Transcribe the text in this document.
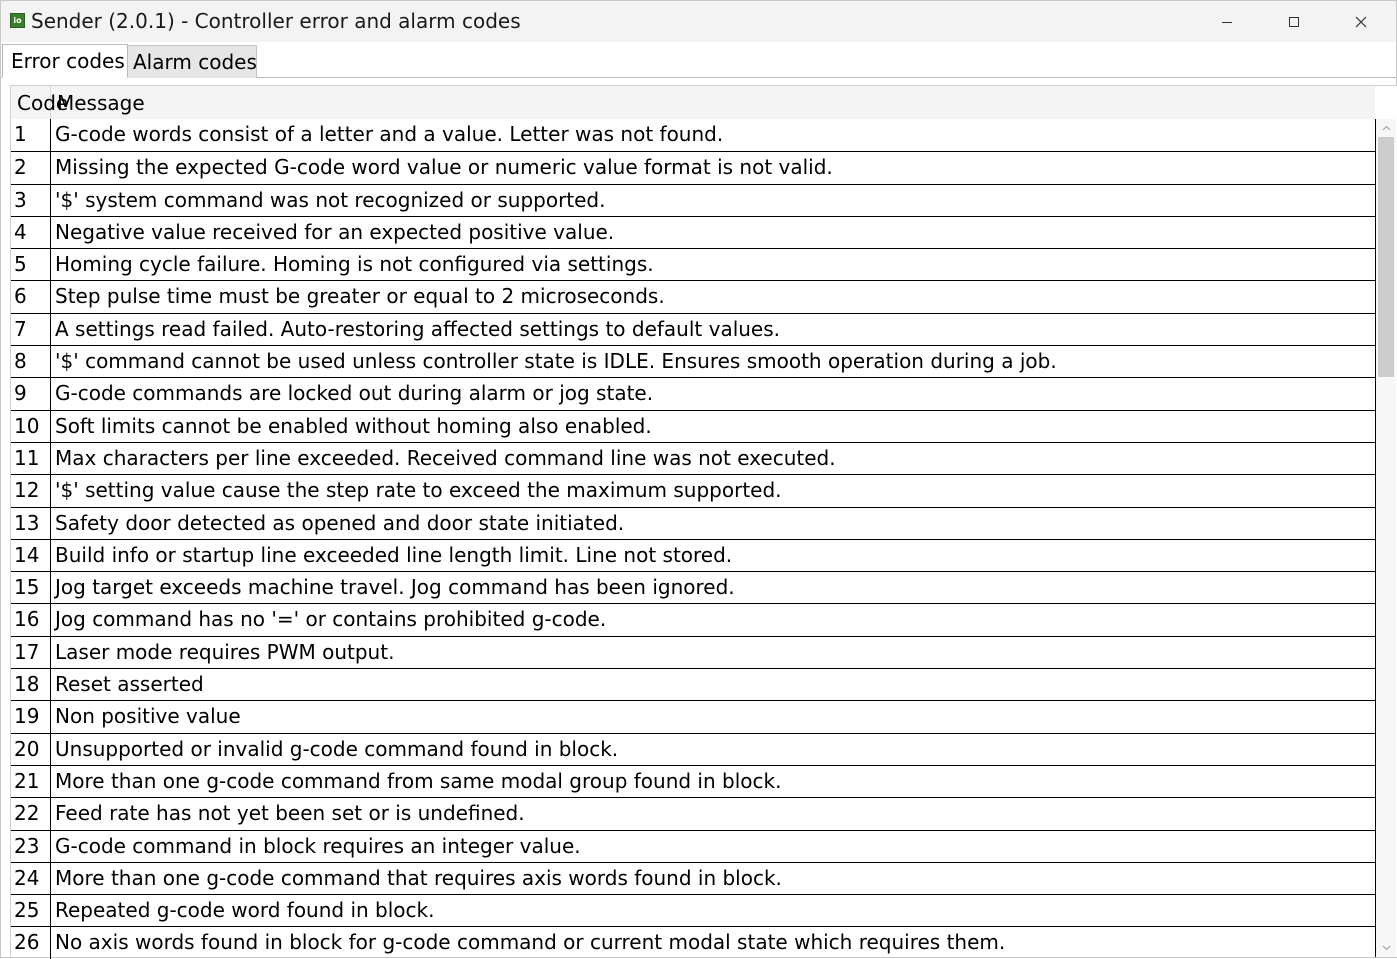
io Sender (2.0.1) - Controller error and alarm codes
Error codes Alarm codes
Code
Message
1	G-code words consist of a letter and a value. Letter was not found.
2	Missing the expected G-code word value or numeric value format is not valid.
3	'$' system command was not recognized or supported.
4	Negative value received for an expected positive value.
5	Homing cycle failure. Homing is not configured via settings.
6	Step pulse time must be greater or equal to 2 microseconds.
7	A settings read failed. Auto-restoring affected settings to default values.
8	'$' command cannot be used unless controller state is IDLE. Ensures smooth operation during a job.
9	G-code commands are locked out during alarm or jog state.
10 Soft limits cannot be enabled without homing also enabled.
11 Max characters per line exceeded. Received command line was not executed.
12 '$' setting value cause the step rate to exceed the maximum supported.
13 Safety door detected as opened and door state initiated.
14 Build info or startup line exceeded line length limit. Line not stored.
15 Jog target exceeds machine travel. Jog command has been ignored.
16 Jog command has no '=' or contains prohibited g-code.
17 Laser mode requires PWM output.
18 Reset asserted
19 Non positive value
20 Unsupported or invalid g-code command found in block.
21 More than one g-code command from same modal group found in block.
22 Feed rate has not yet been set or is undefined.
23 G-code command in block requires an integer value.
24 More than one g-code command that requires axis words found in block.
25 Repeated g-code word found in block.
26 No axis words found in block for g-code command or current modal state which requires them.
